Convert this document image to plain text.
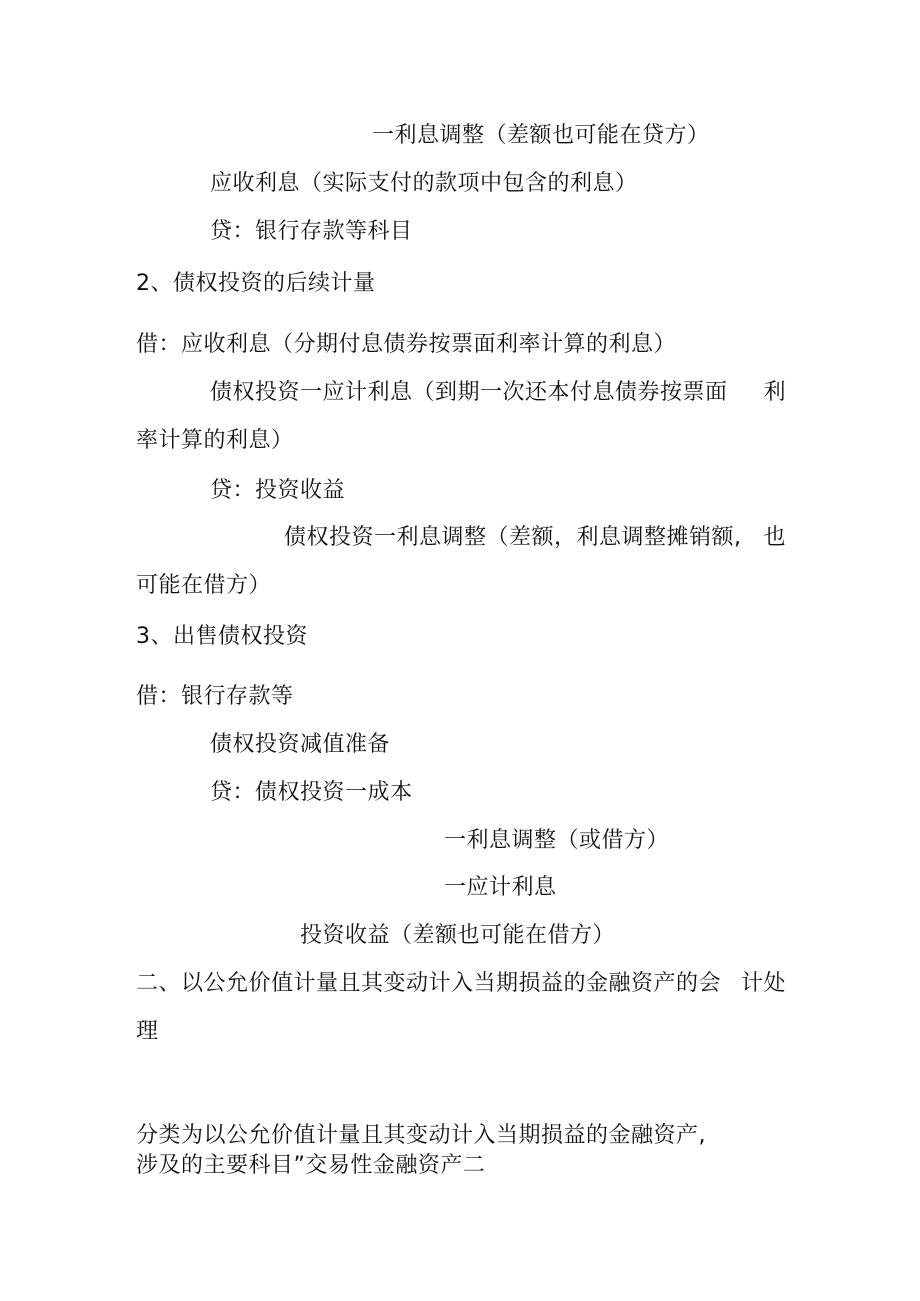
一利息调整（差额也可能在贷方）
应收利息（实际支付的款项中包含的利息）
贷：银行存款等科目
2、债权投资的后续计量
借：应收利息（分期付息债券按票面利率计算的利息）
债权投资一应计利息（到期一次还本付息债券按票面 利
率计算的利息）
贷：投资收益
债权投资一利息调整（差额，利息调整摊销额, 也
可能在借方）
3、出售债权投资
借：银行存款等
债权投资减值准备
贷：债权投资一成本
一利息调整（或借方）
一应计利息
投资收益（差额也可能在借方）
二、以公允价值计量且其变动计入当期损益的金融资产的会 计处
理
分类为以公允价值计量且其变动计入当期损益的金融资产,
涉及的主要科目”交易性金融资产二
